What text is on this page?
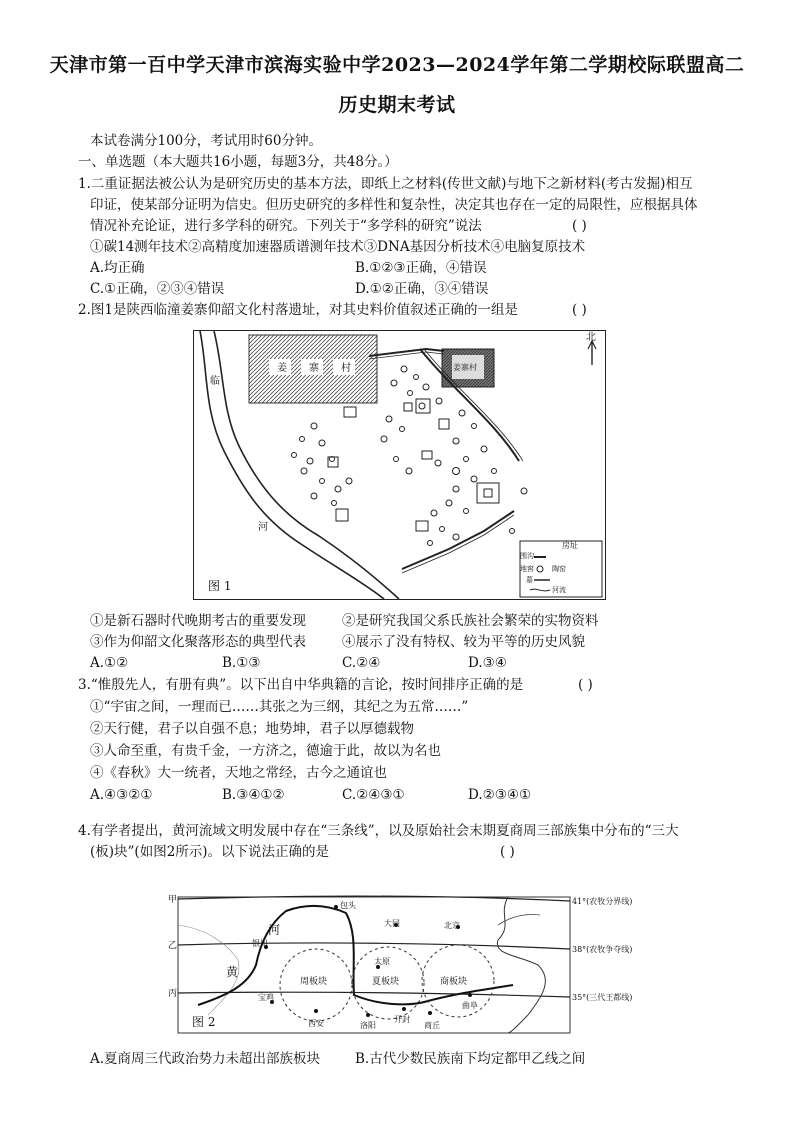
天津市第一百中学天津市滨海实验中学2023—2024学年第二学期校际联盟高二
历史期末考试
本试卷满分100分，考试用时60分钟。
一、单选题（本大题共16小题，每题3分，共48分。）
1.二重证据法被公认为是研究历史的基本方法，即纸上之材料(传世文献)与地下之新材料(考古发掘)相互
印证，使某部分证明为信史。但历史研究的多样性和复杂性，决定其也存在一定的局限性，应根据具体
情况补充论证，进行多学科的研究。下列关于“多学科的研究”说法	( )
①碳14测年技术②高精度加速器质谱测年技术③DNA基因分析技术④电脑复原技术
A.均正确	B.①②③正确，④错误
C.①正确，②③④错误	D.①②正确，③④错误
2.图1是陕西临潼姜寨仰韶文化村落遗址，对其史料价值叙述正确的一组是	( )
姜 寨 村	姜寨村
北
临
河
图 1
房址
围沟
地窖	陶窑
墓
河流
①是新石器时代晚期考古的重要发现	②是研究我国父系氏族社会繁荣的实物资料
③作为仰韶文化聚落形态的典型代表	④展示了没有特权、较为平等的历史风貌
A.①②	B.①③	C.②④	D.③④
3.“惟殷先人，有册有典”。以下出自中华典籍的言论，按时间排序正确的是	( )
①“宇宙之间，一理而已……其张之为三纲，其纪之为五常……”
②天行健，君子以自强不息；地势坤，君子以厚德载物
③人命至重，有贵千金，一方济之，德逾于此，故以为名也
④《春秋》大一统者，天地之常经，古今之通谊也
A.④③②①	B.③④①②	C.②④③①	D.②③④①
4.有学者提出，黄河流域文明发展中存在“三条线”，以及原始社会末期夏商周三部族集中分布的“三大
(板)块”(如图2所示)。以下说法正确的是	( )
甲
乙
丙
41°(农牧分界线)
38°(农牧争夺线)
35°(三代王都线)
河
黄
包头
大同	北京
银川
太原
宝鸡
西安	洛阳
开封
商丘
曲阜
周板块	夏板块	商板块
图 2
A.夏商周三代政治势力未超出部族板块	B.古代少数民族南下均定都甲乙线之间
